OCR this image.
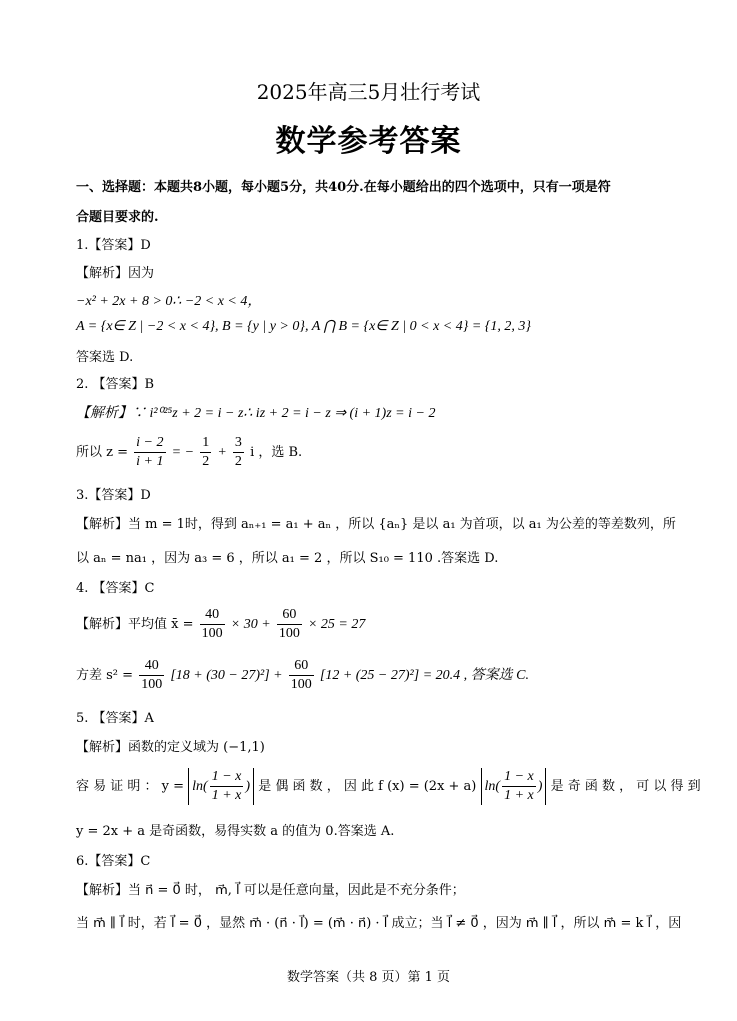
2025年高三5月壮行考试
数学参考答案
一、选择题：本题共8小题，每小题5分，共40分.在每小题给出的四个选项中，只有一项是符
合题目要求的.
1.【答案】D
【解析】因为
−x² + 2x + 8 > 0∴ −2 < x < 4，
A = {x∈ Z | −2 < x < 4}, B = {y | y > 0}, A ⋂ B = {x∈ Z | 0 < x < 4} = {1, 2, 3}
答案选 D.
2. 【答案】B
【解析】∵ i²⁰²⁵z + 2 = i − z∴ iz + 2 = i − z ⇒ (i + 1)z = i − 2
所以 $z = \frac{i - 2}{i + 1}$ = − $\frac{1}{2} + \frac{3}{2}$ i ，选 B.
3.【答案】D
【解析】当 m = 1时，得到 aₙ₊₁ = a₁ + aₙ ，所以 {aₙ} 是以 a₁ 为首项，以 a₁ 为公差的等差数列，所
以 aₙ = na₁ ，因为 a₃ = 6 ，所以 a₁ = 2 ，所以 S₁₀ = 110 .答案选 D.
4. 【答案】C
【解析】平均值 x̄ = $\frac{40}{100} \times 30 + \frac{60}{100} \times 25 = 27$
方差 $s^2 = \frac{40}{100} [18 + (30 - 27)^2] + \frac{60}{100} [12 + (25 - 27)^2] = 20.4$ , 答案选 C.
5. 【答案】A
【解析】函数的定义域为 (−1,1)
容 易 证 明 ： $y = \ln( \frac{1 - x}{1 + x}$ ) 是 偶 函 数 ， 因 此 f (x) = (2x + a) $\ln( \frac{1 - x}{1 + x}$ ) 是 奇 函 数 ， 可 以 得 到
y = 2x + a 是奇函数，易得实数 a 的值为 0.答案选 A.
6.【答案】C
【解析】当 n⃗ = 0⃗ 时， m⃗, l⃗ 可以是任意向量，因此是不充分条件；
当 m⃗ ∥ l⃗ 时，若 l⃗ = 0⃗ ，显然 m⃗ · (n⃗ · l⃗) = (m⃗ · n⃗) · l⃗ 成立；当 l⃗ ≠ 0⃗ ，因为 m⃗ ∥ l⃗ ，所以 m⃗ = k l⃗ ，因
数学答案（共 8 页）第 1 页
